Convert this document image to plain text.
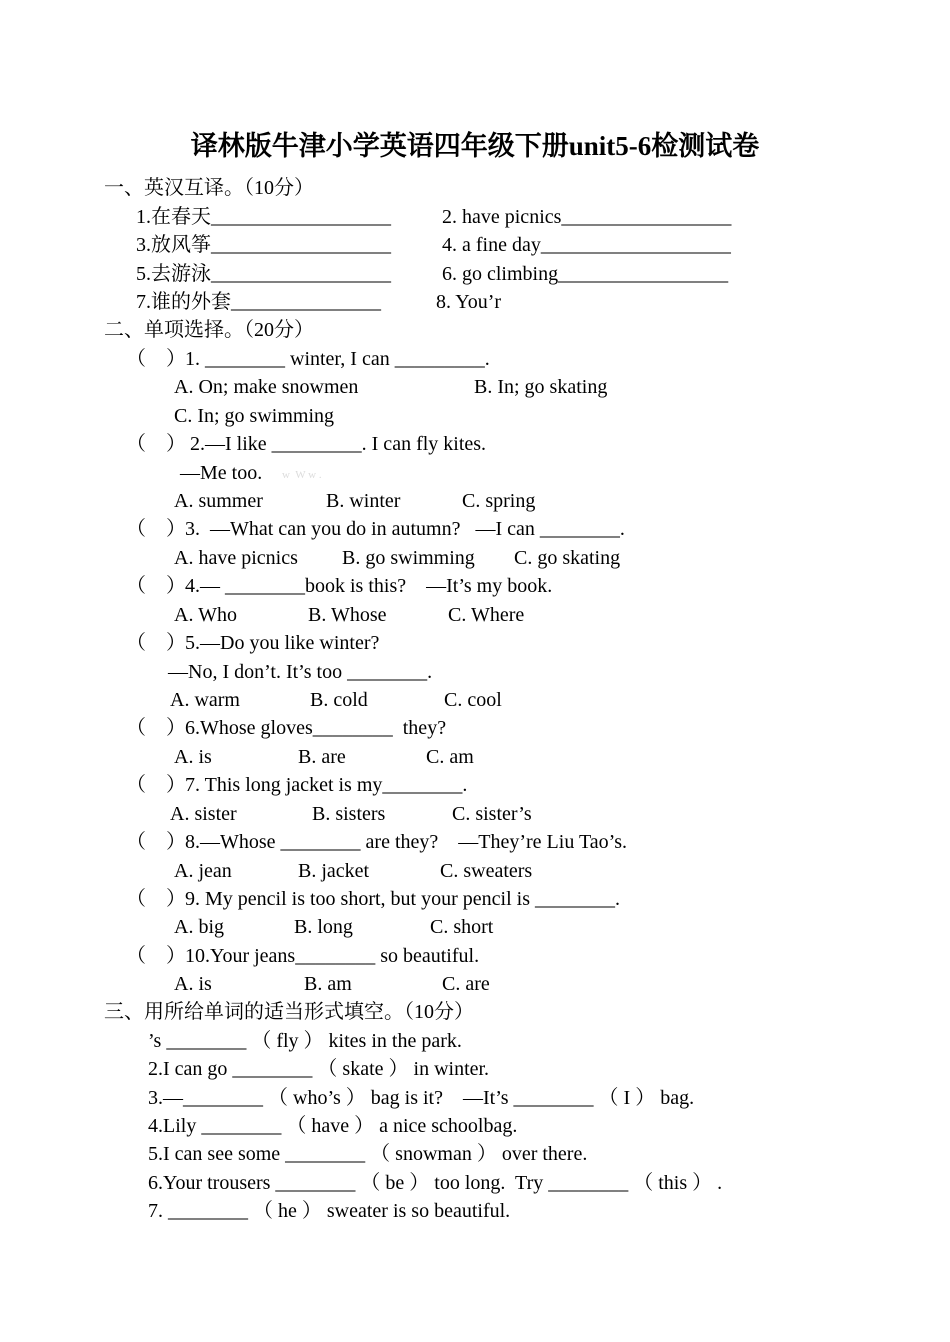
译林版牛津小学英语四年级下册unit5-6检测试卷
w  W w .
一、英汉互译。（10分）
1.在春天__________________	2. have picnics_________________
3.放风筝__________________	4. a fine day___________________
5.去游泳__________________	6. go climbing_________________
7.谁的外套_______________	8. You’r
二、单项选择。（20分）
（    ） 1. ________ winter, I can _________.
A. On; make snowmen	B. In; go skating
C. In; go swimming
（    ） 2.—I like _________. I can fly kites.
—Me too.
A. summer	B. winter	C. spring
（    ） 3.  —What can you do in autumn?   —I can ________.
A. have picnics B. go swimming C. go skating
（    ） 4.— ________book is this?    —It’s my book.
A. Who	B. Whose	C. Where
（    ） 5.—Do you like winter?
—No, I don’t. It’s too ________.
A. warm	B. cold	C. cool
（    ） 6.Whose gloves________  they?
A. is	B. are	C. am
（    ） 7. This long jacket is my________.
A. sister	B. sisters	C. sister’s
（    ） 8.—Whose ________ are they?    —They’re Liu Tao’s.
A. jean	B. jacket	C. sweaters
（    ） 9. My pencil is too short, but your pencil is ________.
A. big	B. long	C. short
（    ） 10.Your jeans________ so beautiful.
A. is	B. am	C. are
三、用所给单词的适当形式填空。（10分）
’s ________ （ fly ） kites in the park.
2.I can go ________ （ skate ） in winter.
3.—________ （ who’s ） bag is it?    —It’s ________ （ I ） bag.
4.Lily ________ （ have ） a nice schoolbag.
5.I can see some ________ （ snowman ） over there.
6.Your trousers ________ （ be ） too long.  Try ________ （ this ） .
7. ________ （ he ） sweater is so beautiful.
